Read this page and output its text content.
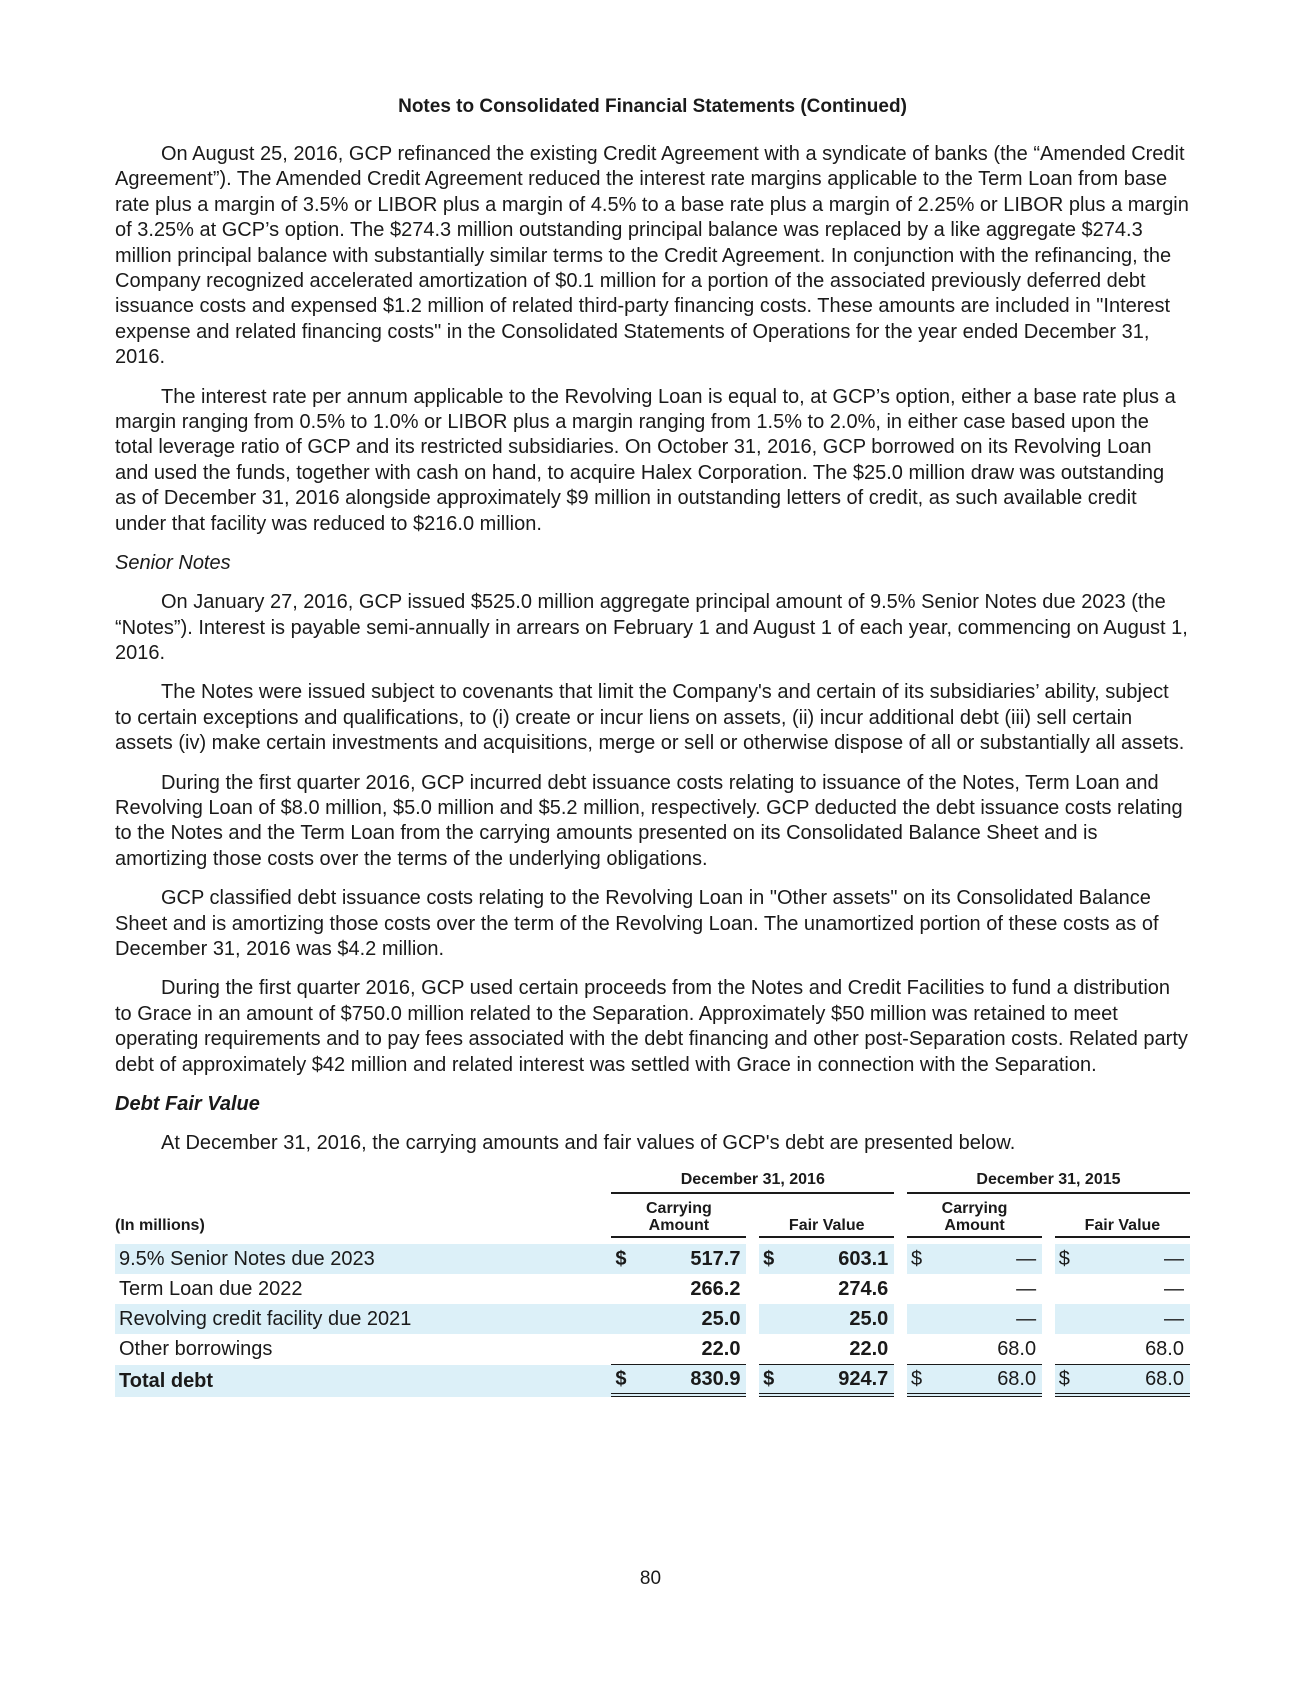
Notes to Consolidated Financial Statements (Continued)

On August 25, 2016, GCP refinanced the existing Credit Agreement with a syndicate of banks (the “Amended Credit Agreement”). The Amended Credit Agreement reduced the interest rate margins applicable to the Term Loan from base rate plus a margin of 3.5% or LIBOR plus a margin of 4.5% to a base rate plus a margin of 2.25% or LIBOR plus a margin of 3.25% at GCP’s option. The $274.3 million outstanding principal balance was replaced by a like aggregate $274.3 million principal balance with substantially similar terms to the Credit Agreement. In conjunction with the refinancing, the Company recognized accelerated amortization of $0.1 million for a portion of the associated previously deferred debt issuance costs and expensed $1.2 million of related third-party financing costs. These amounts are included in "Interest expense and related financing costs" in the Consolidated Statements of Operations for the year ended December 31, 2016.

The interest rate per annum applicable to the Revolving Loan is equal to, at GCP’s option, either a base rate plus a margin ranging from 0.5% to 1.0% or LIBOR plus a margin ranging from 1.5% to 2.0%, in either case based upon the total leverage ratio of GCP and its restricted subsidiaries. On October 31, 2016, GCP borrowed on its Revolving Loan and used the funds, together with cash on hand, to acquire Halex Corporation. The $25.0 million draw was outstanding as of December 31, 2016 alongside approximately $9 million in outstanding letters of credit, as such available credit under that facility was reduced to $216.0 million.

Senior Notes

On January 27, 2016, GCP issued $525.0 million aggregate principal amount of 9.5% Senior Notes due 2023 (the “Notes”). Interest is payable semi-annually in arrears on February 1 and August 1 of each year, commencing on August 1, 2016.

The Notes were issued subject to covenants that limit the Company's and certain of its subsidiaries’ ability, subject to certain exceptions and qualifications, to (i) create or incur liens on assets, (ii) incur additional debt (iii) sell certain assets (iv) make certain investments and acquisitions, merge or sell or otherwise dispose of all or substantially all assets.

During the first quarter 2016, GCP incurred debt issuance costs relating to issuance of the Notes, Term Loan and Revolving Loan of $8.0 million, $5.0 million and $5.2 million, respectively. GCP deducted the debt issuance costs relating to the Notes and the Term Loan from the carrying amounts presented on its Consolidated Balance Sheet and is amortizing those costs over the terms of the underlying obligations.

GCP classified debt issuance costs relating to the Revolving Loan in "Other assets" on its Consolidated Balance Sheet and is amortizing those costs over the term of the Revolving Loan. The unamortized portion of these costs as of December 31, 2016 was $4.2 million.

During the first quarter 2016, GCP used certain proceeds from the Notes and Credit Facilities to fund a distribution to Grace in an amount of $750.0 million related to the Separation. Approximately $50 million was retained to meet operating requirements and to pay fees associated with the debt financing and other post-Separation costs. Related party debt of approximately $42 million and related interest was settled with Grace in connection with the Separation.

Debt Fair Value

At December 31, 2016, the carrying amounts and fair values of GCP's debt are presented below.

	December 31, 2016				December 31, 2015		

(In millions)	Carrying
Amount		Fair Value		Carrying
Amount		Fair Value

9.5% Senior Notes due 2023	$ 517.7		$ 603.1		$ —		$ —

Term Loan due 2022	266.2		274.6		—		—

Revolving credit facility due 2021	25.0		25.0		—		—

Other borrowings	22.0		22.0		68.0		68.0

Total debt	$ 830.9		$ 924.7		$ 68.0		$ 68.0
80
